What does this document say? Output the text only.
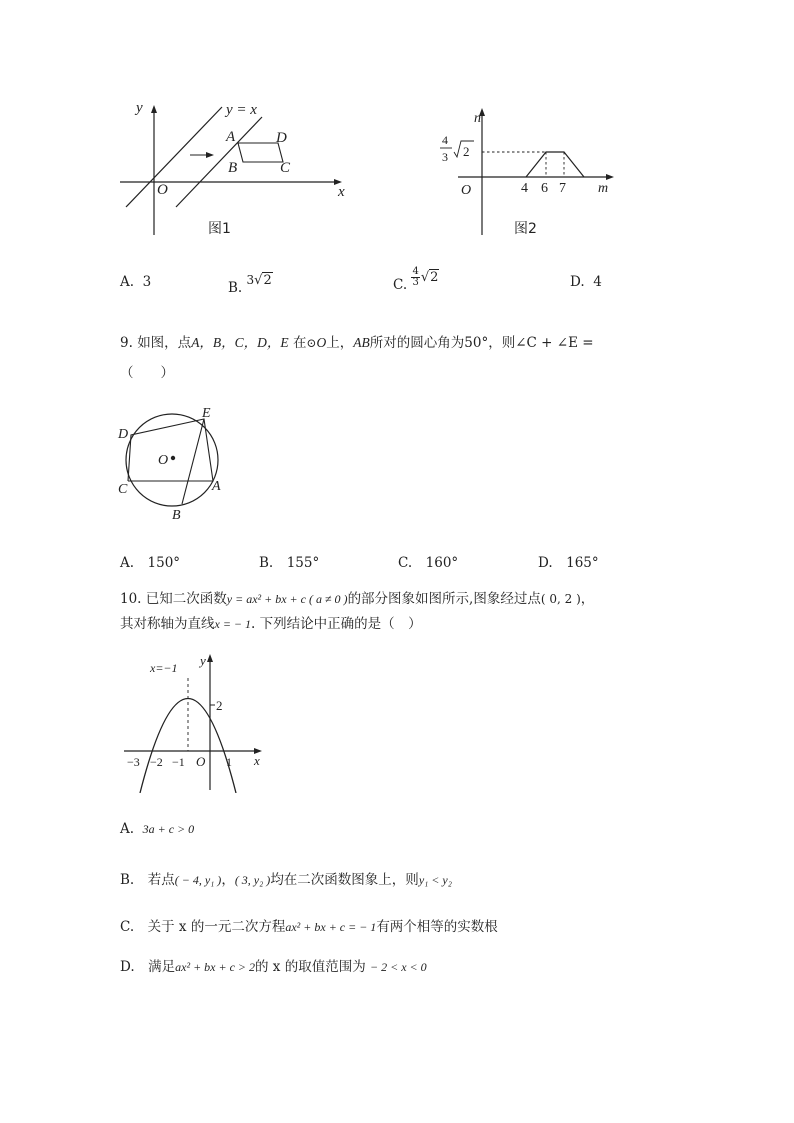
y
x
y = x
O
A	D
B	C
图1
n
m
O
4
3 2
4 6 7
图2
A. 3	B. 3√2	C. $\frac{4}{3} √2$	D. 4
9. 如图，点A，B，C，D，E 在⊙O上，AB所对的圆心角为50°，则∠C + ∠E =
（　　）
D
E
O
C	A
B
A.　150°	B.　155°	C.　160°	D.　165°
10. 已知二次函数y = ax² + bx + c ( a ≠ 0 )的部分图象如图所示,图象经过点( 0, 2 )，
其对称轴为直线x = − 1. 下列结论中正确的是（　）
x=−1 y
x
2
O
−3 −2 −1	1
A. 3a + c > 0
B.　若点( − 4, y₁ )，( 3, y₂ )均在二次函数图象上，则y₁ < y₂
C.　关于 x 的一元二次方程ax² + bx + c = − 1有两个相等的实数根
D.　满足ax² + bx + c > 2的 x 的取值范围为 − 2 < x < 0
